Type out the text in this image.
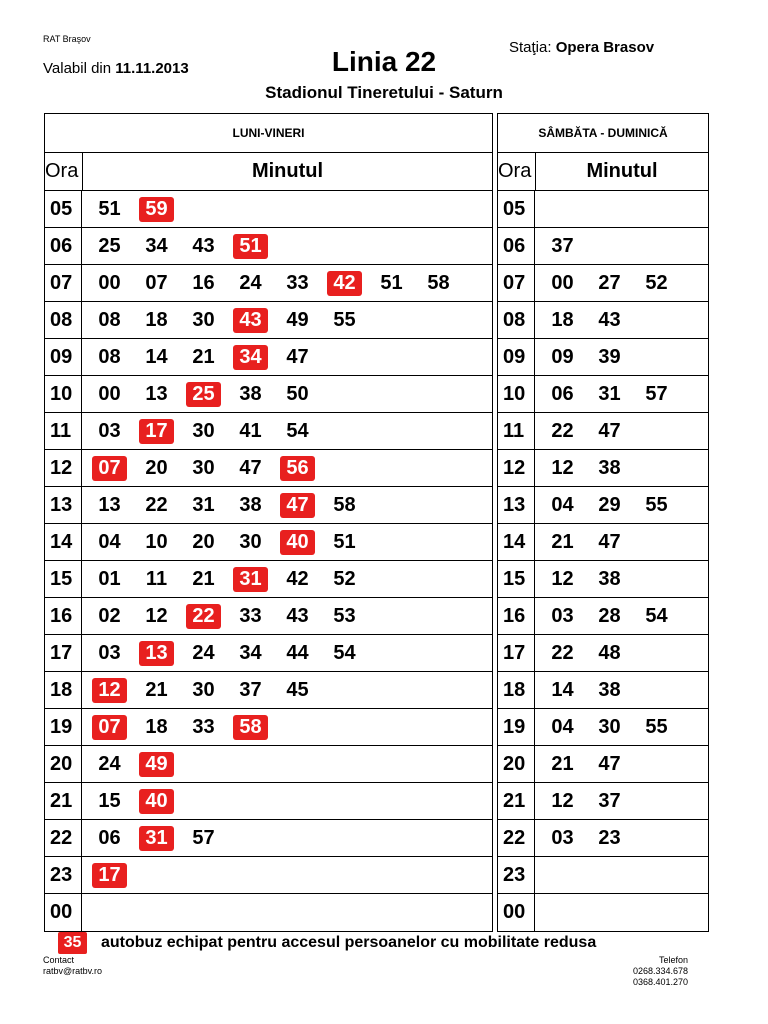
RAT Braşov
Valabil din 11.11.2013	Linia 22	Staţia: Opera Brasov
Stadionul Tineretului - Saturn
LUNI-VINERI
Ora	Minutul
05	51	59
06	25	34	43	51
07	00	07	16	24	33	42	51	58
08	08	18	30	43	49	55
09	08	14	21	34	47
10	00	13	25	38	50
11	03	17	30	41	54
12	07	20	30	47	56
13	13	22	31	38	47	58
14	04	10	20	30	40	51
15	01	11	21	31	42	52
16	02	12	22	33	43	53
17	03	13	24	34	44	54
18	12	21	30	37	45
19	07	18	33	58
20	24	49
21	15	40
22	06	31	57
23	17
00
SÂMBĂTA - DUMINICĂ
Ora	Minutul
05
06	37
07	00	27	52
08	18	43
09	09	39
10	06	31	57
11	22	47
12	12	38
13	04	29	55
14	21	47
15	12	38
16	03	28	54
17	22	48
18	14	38
19	04	30	55
20	21	47
21	12	37
22	03	23
23
00
35	autobuz echipat pentru accesul persoanelor cu mobilitate redusa
Contact
ratbv@ratbv.ro
Telefon
0268.334.678
0368.401.270
